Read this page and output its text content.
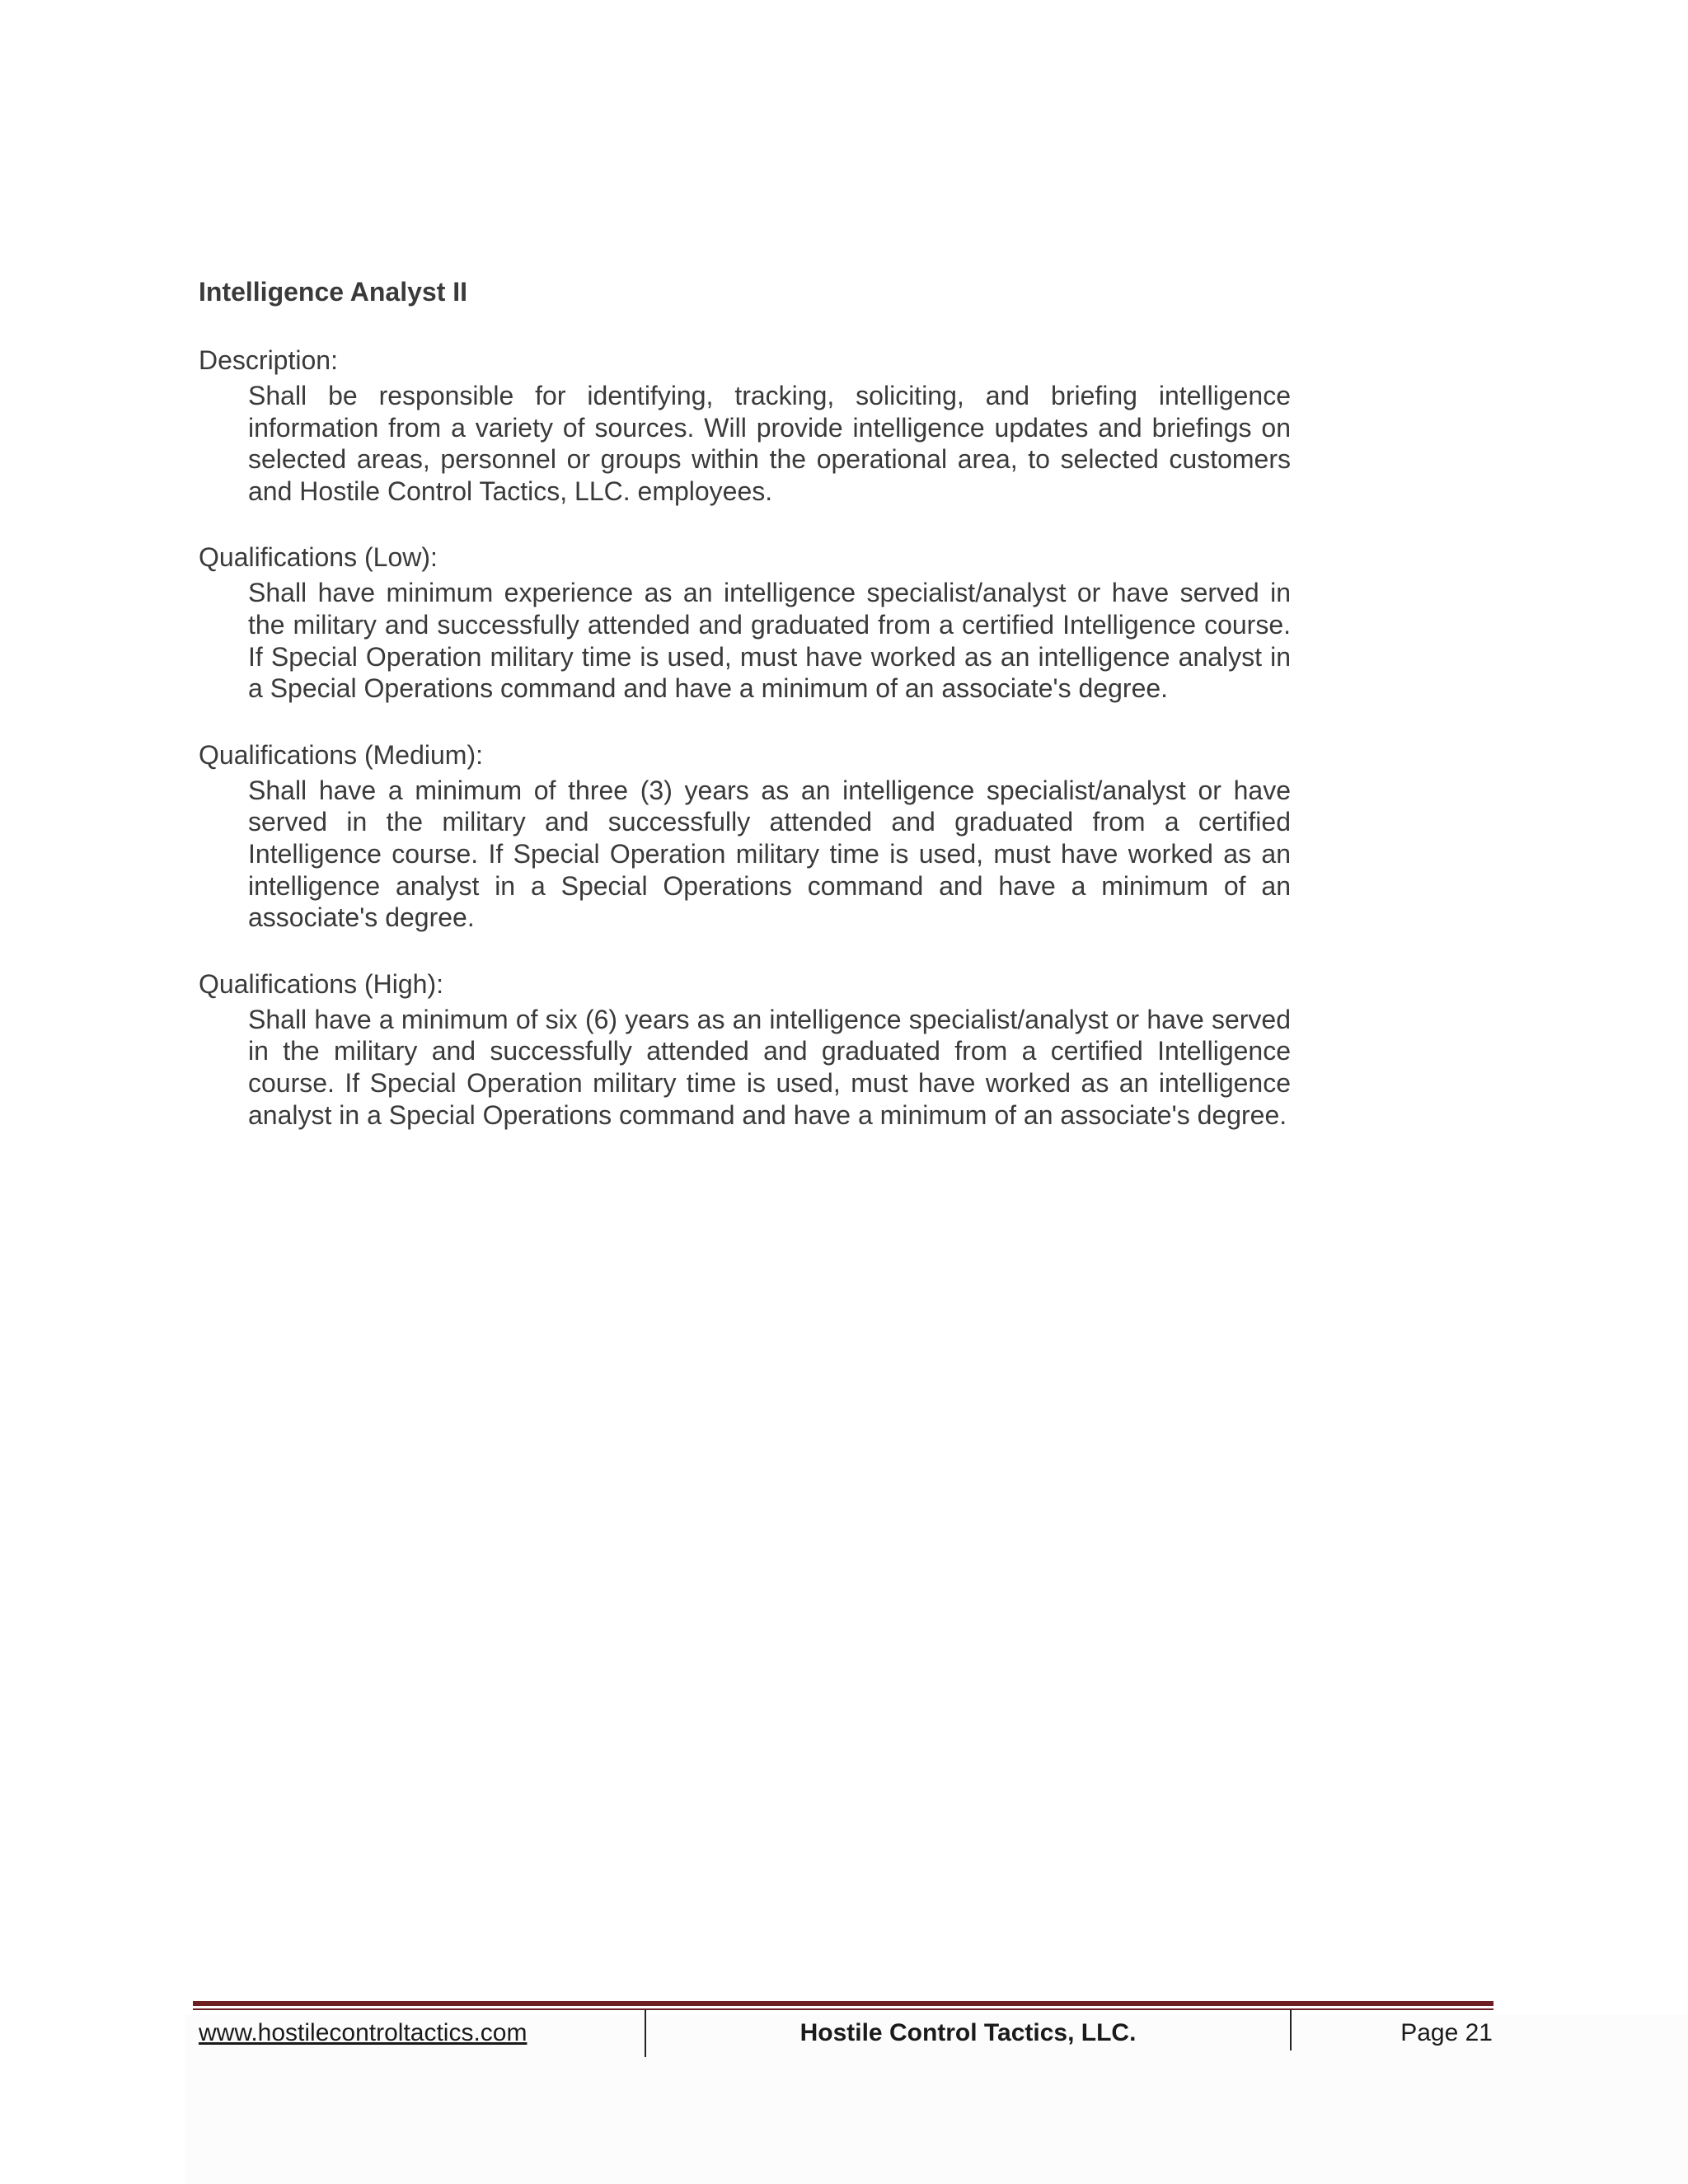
Intelligence Analyst II

Description:

Shall be responsible for identifying, tracking, soliciting, and briefing intelligence information from a variety of sources. Will provide intelligence updates and briefings on selected areas, personnel or groups within the operational area, to selected customers and Hostile Control Tactics, LLC. employees.

Qualifications (Low):

Shall have minimum experience as an intelligence specialist/analyst or have served in the military and successfully attended and graduated from a certified Intelligence course. If Special Operation military time is used, must have worked as an intelligence analyst in a Special Operations command and have a minimum of an associate's degree.

Qualifications (Medium):

Shall have a minimum of three (3) years as an intelligence specialist/analyst or have served in the military and successfully attended and graduated from a certified Intelligence course. If Special Operation military time is used, must have worked as an intelligence analyst in a Special Operations command and have a minimum of an associate's degree.

Qualifications (High):

Shall have a minimum of six (6) years as an intelligence specialist/analyst or have served in the military and successfully attended and graduated from a certified Intelligence course. If Special Operation military time is used, must have worked as an intelligence analyst in a Special Operations command and have a minimum of an associate's degree.

www.hostilecontroltactics.com	Hostile Control Tactics, LLC.	Page 21
